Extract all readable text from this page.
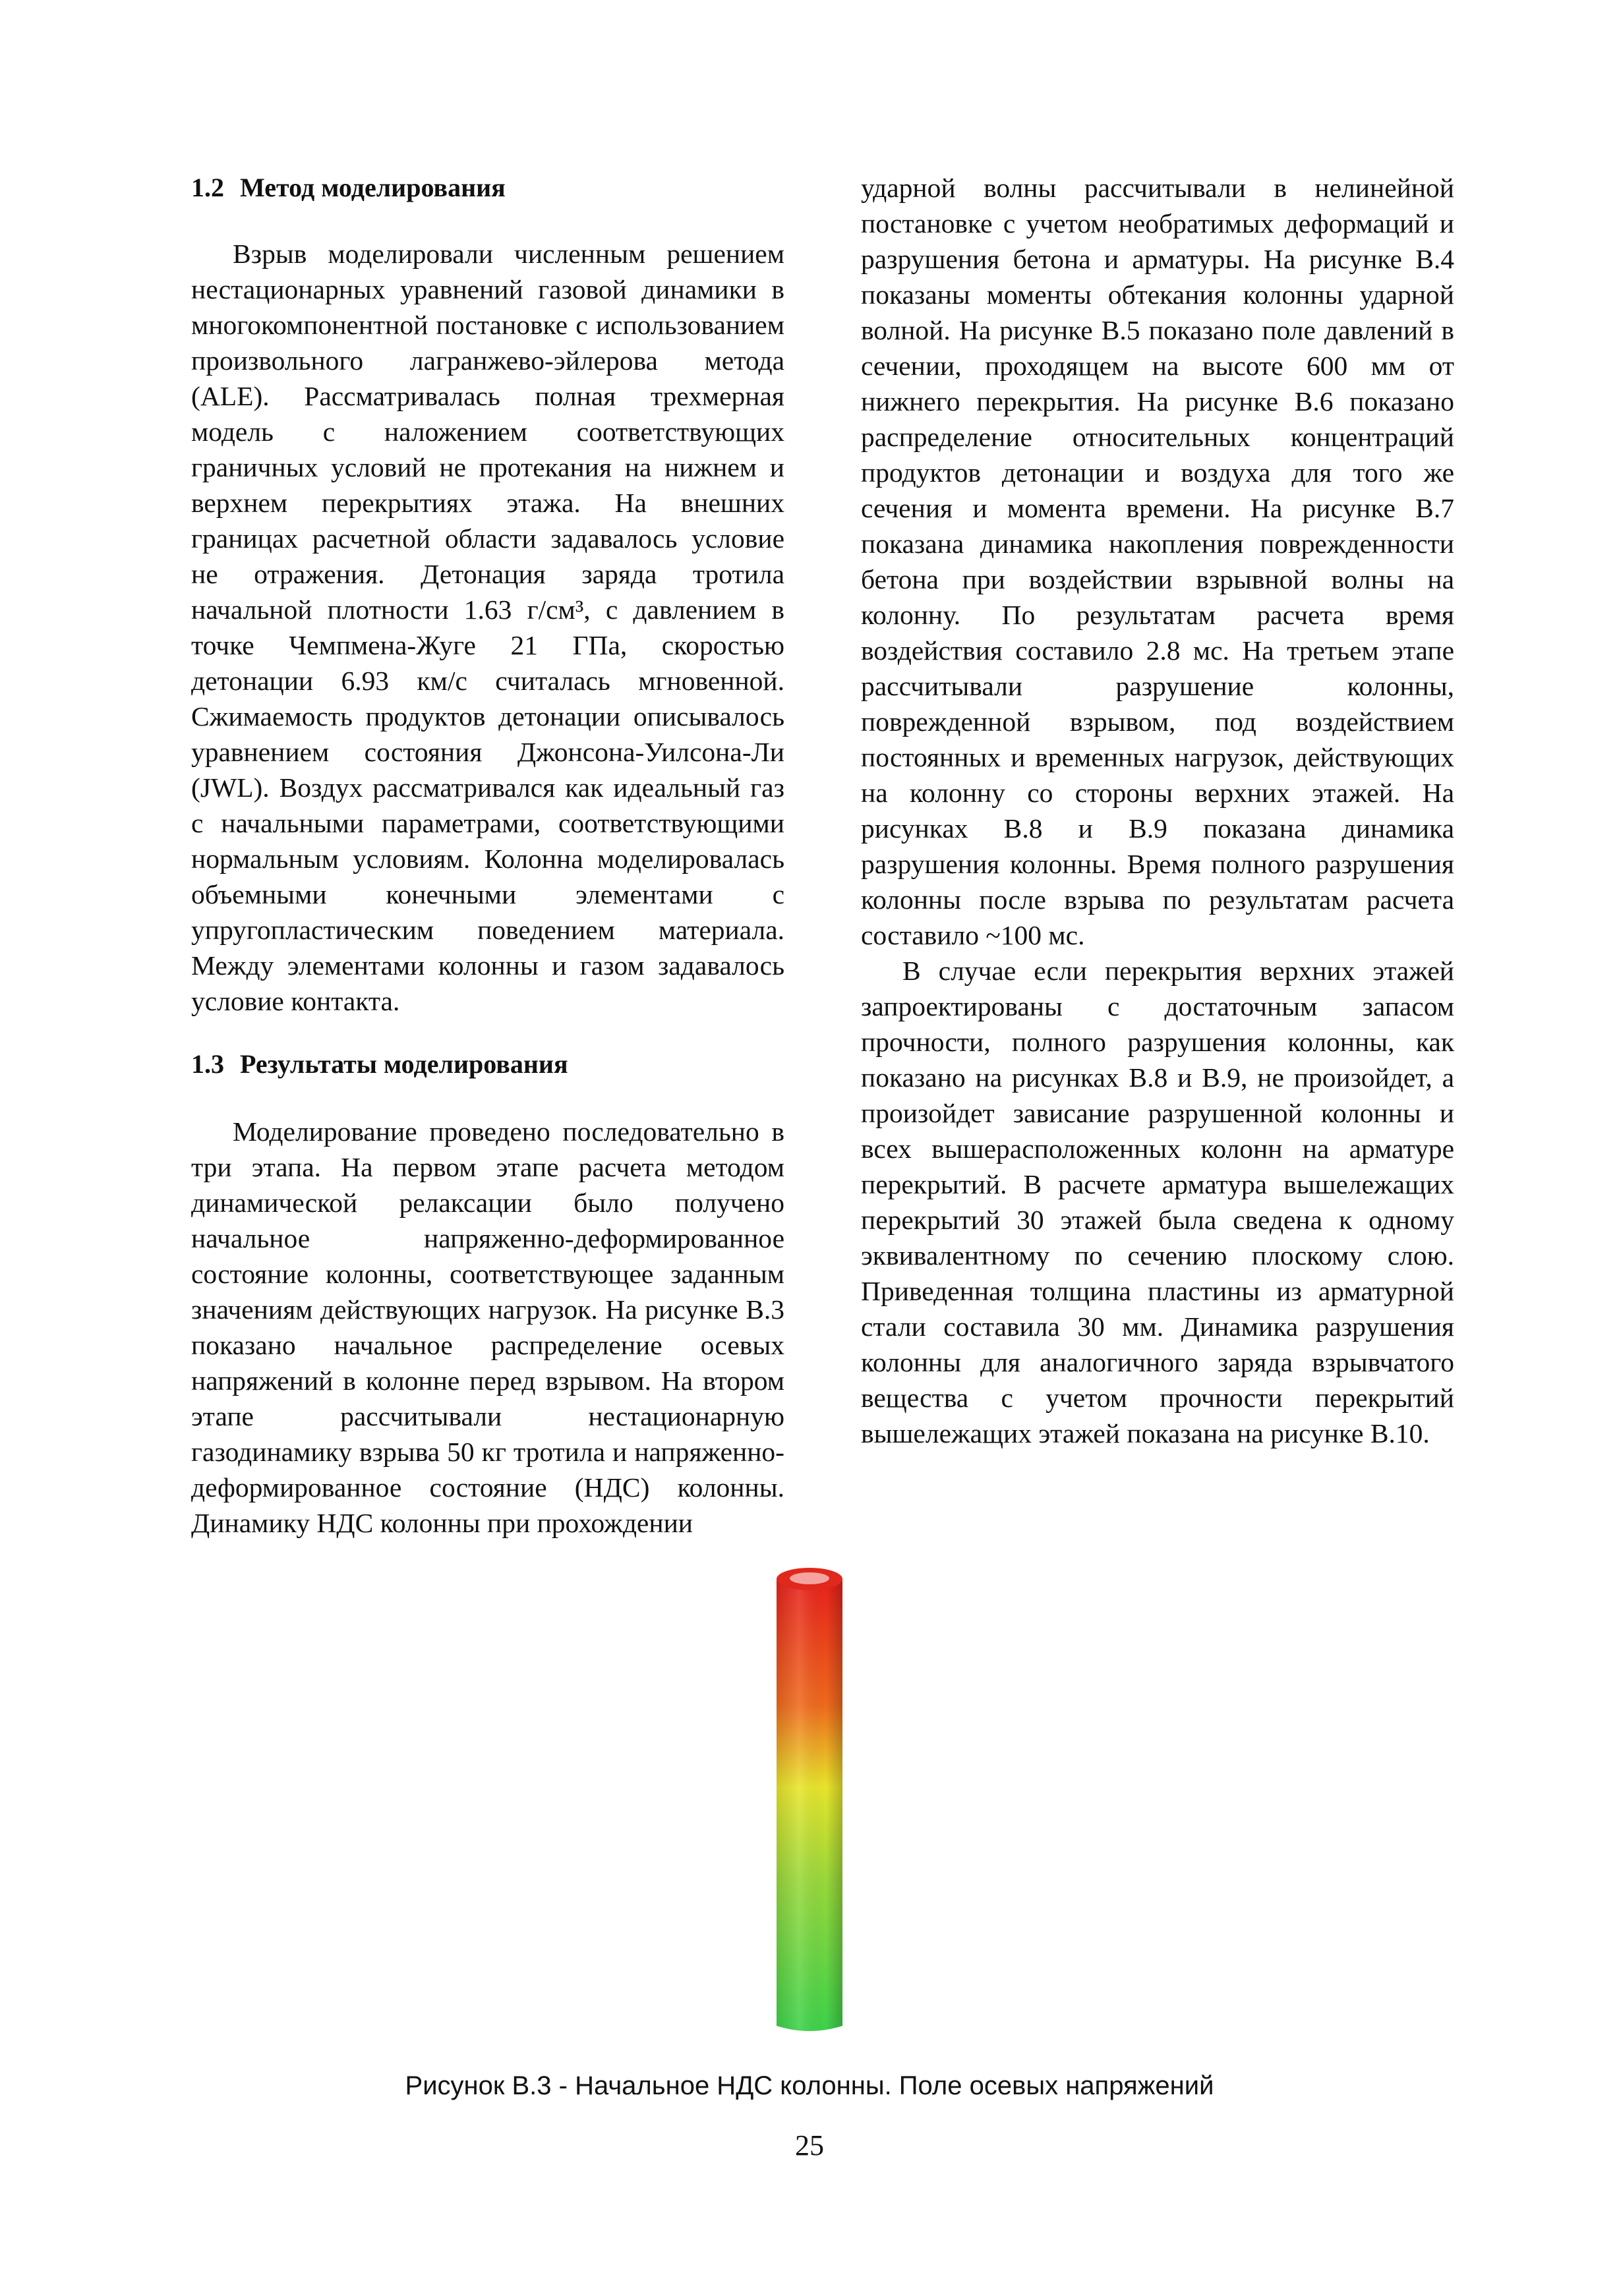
1.2 Метод моделирования

Взрыв моделировали численным решением нестационарных уравнений газовой динамики в многокомпонентной постановке с использованием произвольного лагранжево-эйлерова метода (ALE). Рассматривалась полная трехмерная модель с наложением соответствующих граничных условий не протекания на нижнем и верхнем перекрытиях этажа. На внешних границах расчетной области задавалось условие не отражения. Детонация заряда тротила начальной плотности 1.63 г/см³, с давлением в точке Чемпмена-Жуге 21 ГПа, скоростью детонации 6.93 км/с считалась мгновенной. Сжимаемость продуктов детонации описывалось уравнением состояния Джонсона-Уилсона-Ли (JWL). Воздух рассматривался как идеальный газ с начальными параметрами, соответствующими нормальным условиям. Колонна моделировалась объемными конечными элементами с упругопластическим поведением материала. Между элементами колонны и газом задавалось условие контакта.

1.3 Результаты моделирования

Моделирование проведено последовательно в три этапа. На первом этапе расчета методом динамической релаксации было получено начальное напряженно-деформированное состояние колонны, соответствующее заданным значениям действующих нагрузок. На рисунке В.3 показано начальное распределение осевых напряжений в колонне перед взрывом. На втором этапе рассчитывали нестационарную газодинамику взрыва 50 кг тротила и напряженно-деформированное состояние (НДС) колонны. Динамику НДС колонны при прохождении

ударной волны рассчитывали в нелинейной постановке с учетом необратимых деформаций и разрушения бетона и арматуры. На рисунке В.4 показаны моменты обтекания колонны ударной волной. На рисунке В.5 показано поле давлений в сечении, проходящем на высоте 600 мм от нижнего перекрытия. На рисунке В.6 показано распределение относительных концентраций продуктов детонации и воздуха для того же сечения и момента времени. На рисунке В.7 показана динамика накопления поврежденности бетона при воздействии взрывной волны на колонну. По результатам расчета время воздействия составило 2.8 мс. На третьем этапе рассчитывали разрушение колонны, поврежденной взрывом, под воздействием постоянных и временных нагрузок, действующих на колонну со стороны верхних этажей. На рисунках В.8 и В.9 показана динамика разрушения колонны. Время полного разрушения колонны после взрыва по результатам расчета составило ~100 мс.

В случае если перекрытия верхних этажей запроектированы с достаточным запасом прочности, полного разрушения колонны, как показано на рисунках В.8 и В.9, не произойдет, а произойдет зависание разрушенной колонны и всех вышерасположенных колонн на арматуре перекрытий. В расчете арматура вышележащих перекрытий 30 этажей была сведена к одному эквивалентному по сечению плоскому слою. Приведенная толщина пластины из арматурной стали составила 30 мм. Динамика разрушения колонны для аналогичного заряда взрывчатого вещества с учетом прочности перекрытий вышележащих этажей показана на рисунке В.10.

Рисунок В.3 - Начальное НДС колонны. Поле осевых напряжений
25
